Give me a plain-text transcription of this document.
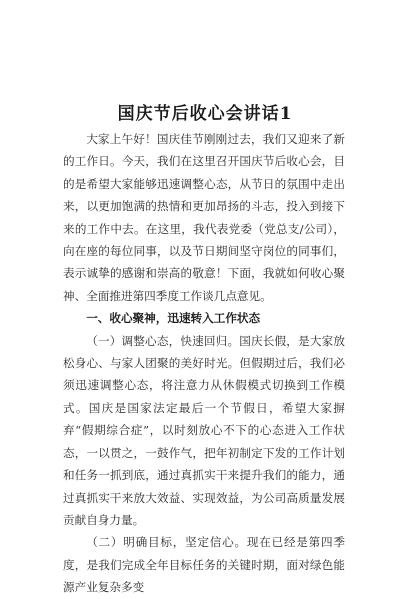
国庆节后收心会讲话1

大家上午好！国庆佳节刚刚过去，我们又迎来了新的工作日。今天，我们在这里召开国庆节后收心会，目的是希望大家能够迅速调整心态，从节日的氛围中走出来，以更加饱满的热情和更加昂扬的斗志，投入到接下来的工作中去。在这里，我代表党委（党总支/公司），向在座的每位同事，以及节日期间坚守岗位的同事们，表示诚挚的感谢和崇高的敬意！下面，我就如何收心聚神、全面推进第四季度工作谈几点意见。

一、收心聚神，迅速转入工作状态

（一）调整心态，快速回归。国庆长假，是大家放松身心、与家人团聚的美好时光。但假期过后，我们必须迅速调整心态，将注意力从休假模式切换到工作模式。国庆是国家法定最后一个节假日，希望大家摒弃“假期综合症”，以时刻放心不下的心态进入工作状态，一以贯之，一鼓作气，把年初制定下发的工作计划和任务一抓到底，通过真抓实干来提升我们的能力，通过真抓实干来放大效益、实现效益，为公司高质量发展贡献自身力量。

（二）明确目标，坚定信心。现在已经是第四季度，是我们完成全年目标任务的关键时期，面对绿色能源产业复杂多变
